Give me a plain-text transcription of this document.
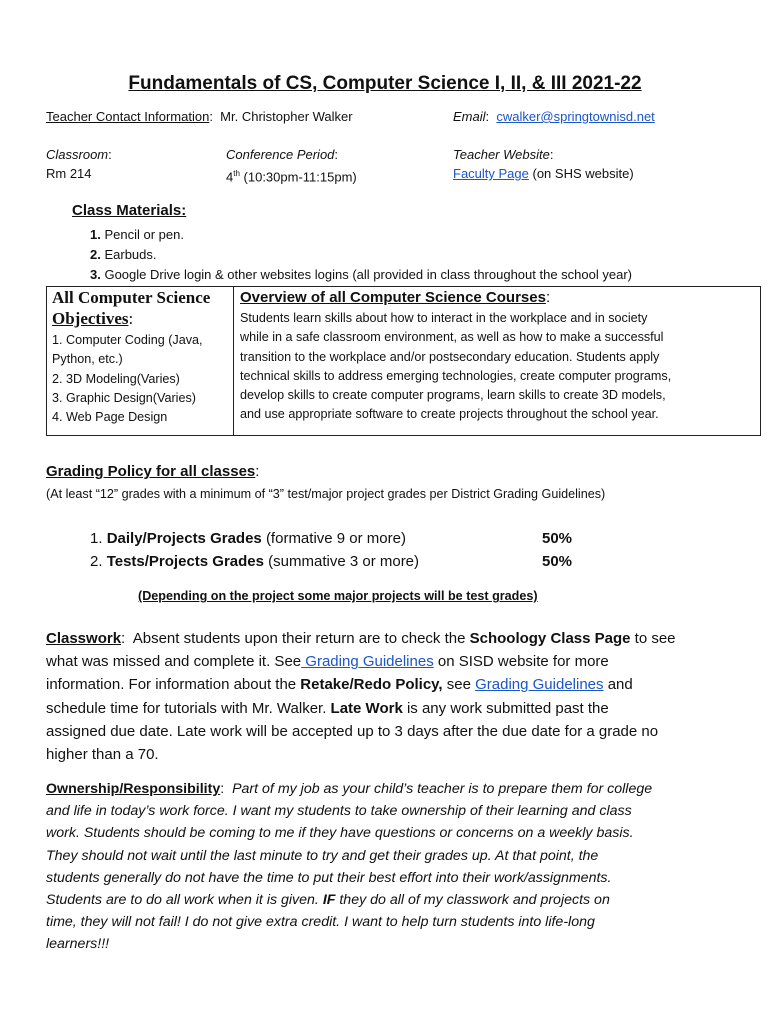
Fundamentals of CS, Computer Science I, II, & III 2021-22
Teacher Contact Information:  Mr. Christopher Walker	Email:  cwalker@springtownisd.net
Classroom:
Rm 214
Conference Period:
4th (10:30pm-11:15pm)
Teacher Website:
Faculty Page (on SHS website)
Class Materials:
1. Pencil or pen.
2. Earbuds.
3. Google Drive login & other websites logins (all provided in class throughout the school year)
All Computer Science
Objectives:
1. Computer Coding (Java,
Python, etc.)
2. 3D Modeling(Varies)
3. Graphic Design(Varies)
4. Web Page Design
Overview of all Computer Science Courses:
Students learn skills about how to interact in the workplace and in society
while in a safe classroom environment, as well as how to make a successful
transition to the workplace and/or postsecondary education. Students apply
technical skills to address emerging technologies, create computer programs,
develop skills to create computer programs, learn skills to create 3D models,
and use appropriate software to create projects throughout the school year.
Grading Policy for all classes:
(At least “12” grades with a minimum of “3” test/major project grades per District Grading Guidelines)
1. Daily/Projects Grades (formative 9 or more)	50%
2. Tests/Projects Grades (summative 3 or more)	50%
(Depending on the project some major projects will be test grades)
Classwork:  Absent students upon their return are to check the Schoology Class Page to see
what was missed and complete it. See Grading Guidelines on SISD website for more
information. For information about the Retake/Redo Policy, see Grading Guidelines and
schedule time for tutorials with Mr. Walker. Late Work is any work submitted past the
assigned due date. Late work will be accepted up to 3 days after the due date for a grade no
higher than a 70.
Ownership/Responsibility: Part of my job as your child’s teacher is to prepare them for college
and life in today’s work force. I want my students to take ownership of their learning and class
work. Students should be coming to me if they have questions or concerns on a weekly basis.
They should not wait until the last minute to try and get their grades up. At that point, the
students generally do not have the time to put their best effort into their work/assignments.
Students are to do all work when it is given. IF they do all of my classwork and projects on
time, they will not fail! I do not give extra credit. I want to help turn students into life-long
learners!!!
